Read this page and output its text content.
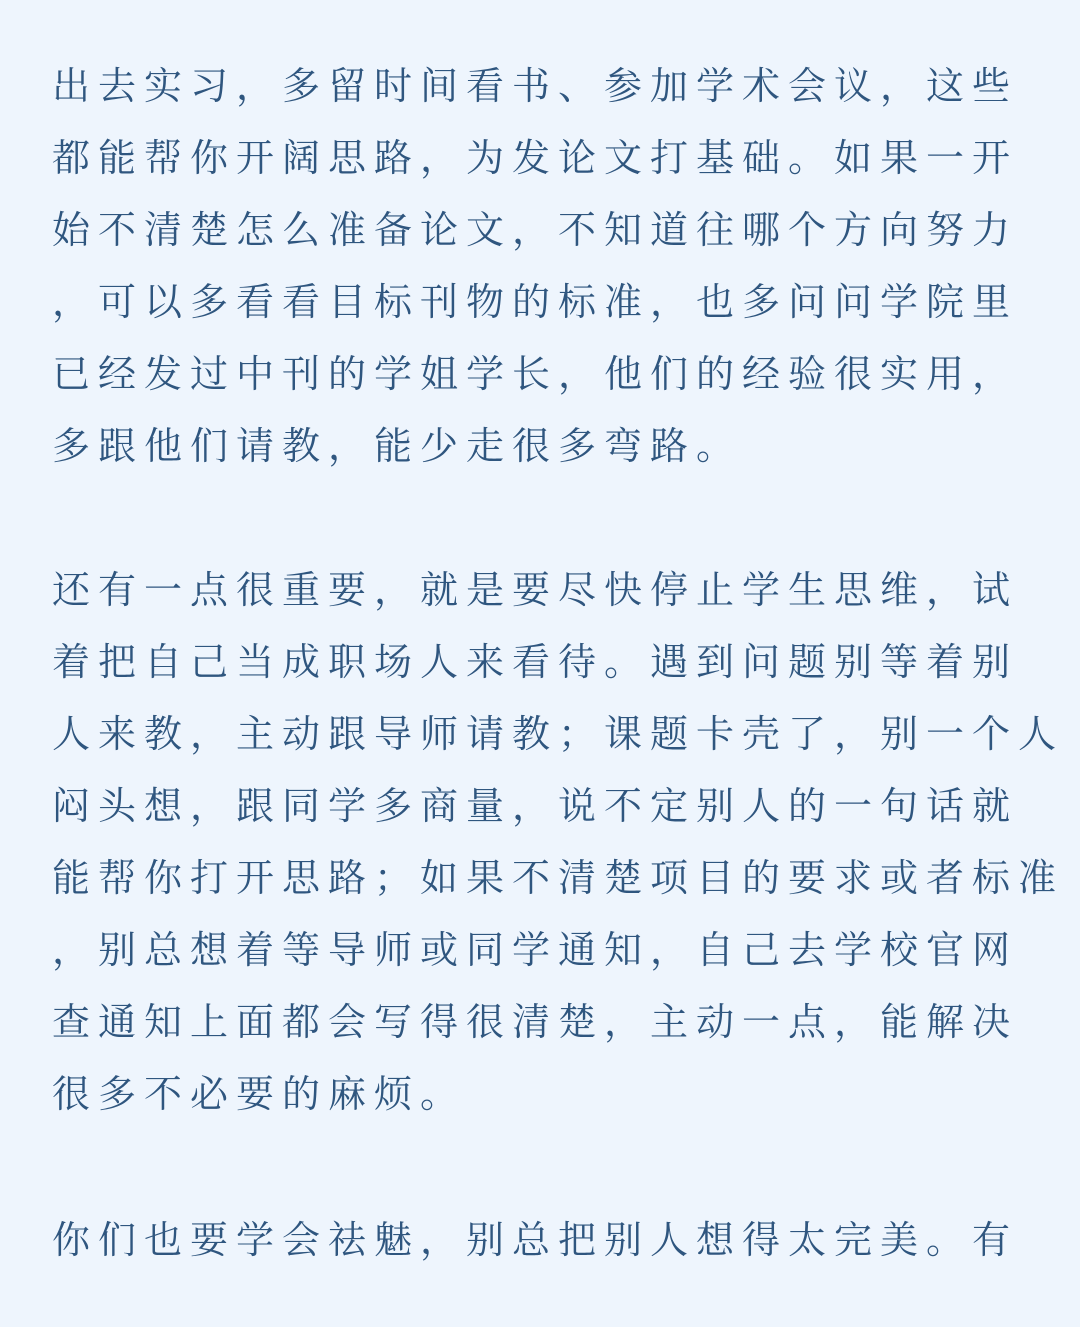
出去实习，多留时间看书、参加学术会议，这些
都能帮你开阔思路，为发论文打基础。如果一开
始不清楚怎么准备论文，不知道往哪个方向努力
，可以多看看目标刊物的标准，也多问问学院里
已经发过中刊的学姐学长，他们的经验很实用，
多跟他们请教，能少走很多弯路。
还有一点很重要，就是要尽快停止学生思维，试
着把自己当成职场人来看待。遇到问题别等着别
人来教，主动跟导师请教；课题卡壳了，别一个人
闷头想，跟同学多商量，说不定别人的一句话就
能帮你打开思路；如果不清楚项目的要求或者标准
，别总想着等导师或同学通知，自己去学校官网
查通知上面都会写得很清楚，主动一点，能解决
很多不必要的麻烦。
你们也要学会祛魅，别总把别人想得太完美。有
